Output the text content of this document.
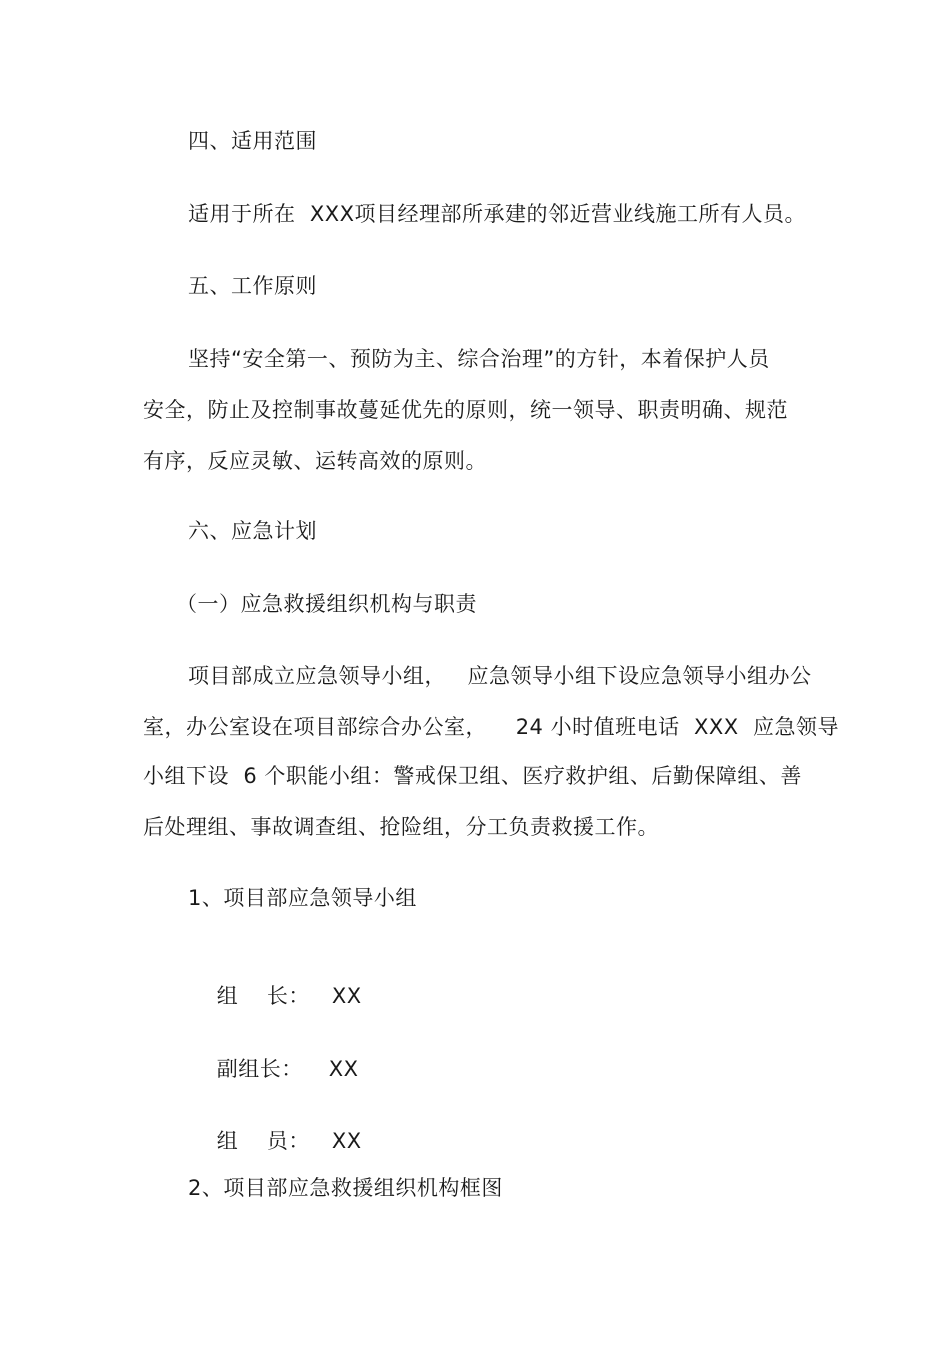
四、适用范围
适用于所在  XXX项目经理部所承建的邻近营业线施工所有人员。
五、工作原则
坚持“安全第一、预防为主、综合治理”的方针，本着保护人员
安全，防止及控制事故蔓延优先的原则，统一领导、职责明确、规范
有序，反应灵敏、运转高效的原则。
六、应急计划
（一）应急救援组织机构与职责
项目部成立应急领导小组，   应急领导小组下设应急领导小组办公
室，办公室设在项目部综合办公室，    24 小时值班电话  XXX  应急领导
小组下设  6 个职能小组：警戒保卫组、医疗救护组、后勤保障组、善
后处理组、事故调查组、抢险组，分工负责救援工作。
1、项目部应急领导小组

组    长： XX

副组长： XX

组    员： XX

2、项目部应急救援组织机构框图
